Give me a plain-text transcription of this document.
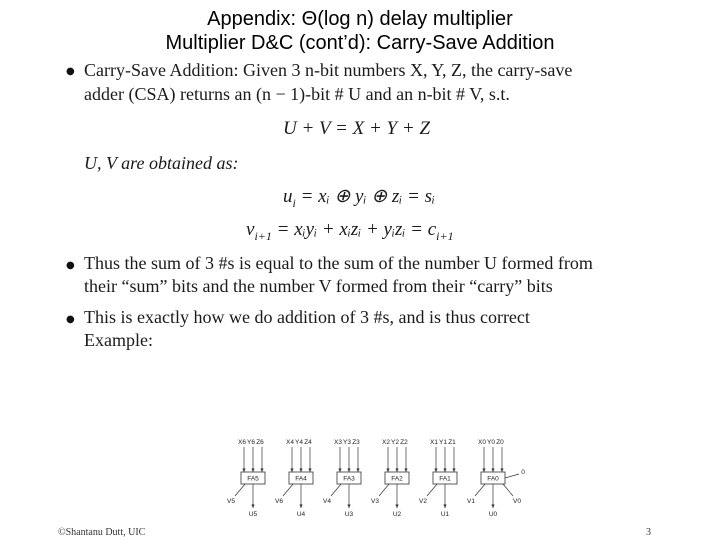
Appendix: Θ(log n) delay multiplier
Multiplier D&C (cont’d): Carry-Save Addition
● Carry-Save Addition: Given 3 n-bit numbers X, Y, Z, the carry-save
adder (CSA) returns an (n − 1)-bit # U and an n-bit # V, s.t.
U + V = X + Y + Z
U, V are obtained as:
$u_i$ = xᵢ ⊕ yᵢ ⊕ zᵢ = sᵢ
$v_{i+1}$ = xᵢyᵢ + xᵢzᵢ + yᵢzᵢ = $c_{i+1}$
● Thus the sum of 3 #s is equal to the sum of the number U formed from
their “sum” bits and the number V formed from their “carry” bits
● This is exactly how we do addition of 3 #s, and is thus correct
Example:
X6 Y6 Z6	X4 Y4 Z4	X3 Y3 Z3	X2 Y2 Z2	X1 Y1 Z1	X0 Y0 Z0
FA5	FA4	FA3	FA2	FA1	FA0
U5
V5
U4
V6
U3
V4
U2
V3
U1
V2
U0
V1
0
V0
©Shantanu Dutt, UIC	3
